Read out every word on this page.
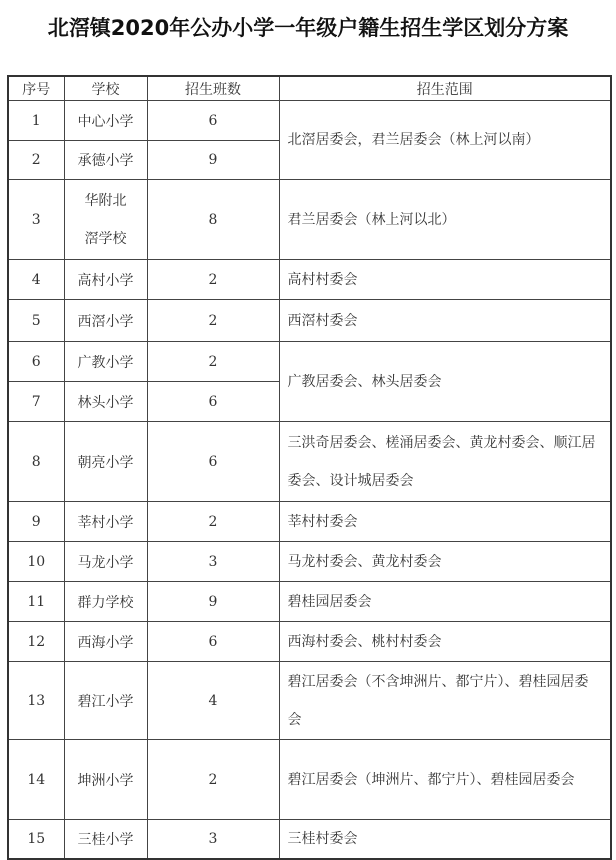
北滘镇2020年公办小学一年级户籍生招生学区划分方案
序号	学校	招生班数	招生范围
1	中心小学	6	北滘居委会，君兰居委会（林上河以南）
2	承德小学	9	
3	华附北滘学校	8	君兰居委会（林上河以北）
4	高村小学	2	高村村委会
5	西滘小学	2	西滘村委会
6	广教小学	2	广教居委会、林头居委会
7	林头小学	6	
8	朝亮小学	6	三洪奇居委会、槎涌居委会、黄龙村委会、顺江居委会、设计城居委会
9	莘村小学	2	莘村村委会
10	马龙小学	3	马龙村委会、黄龙村委会
11	群力学校	9	碧桂园居委会
12	西海小学	6	西海村委会、桃村村委会
13	碧江小学	4	碧江居委会（不含坤洲片、都宁片）、碧桂园居委会
14	坤洲小学	2	碧江居委会（坤洲片、都宁片）、碧桂园居委会
15	三桂小学	3	三桂村委会
